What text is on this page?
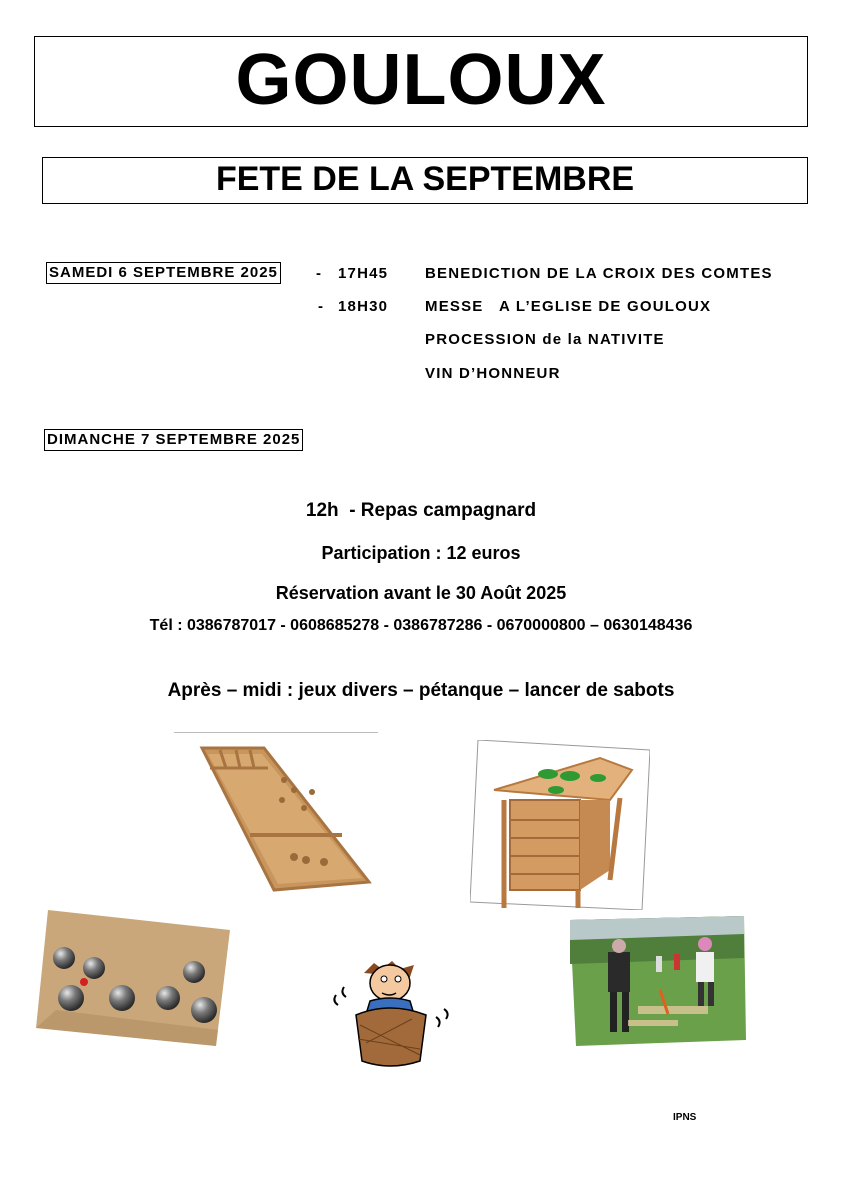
GOULOUX
FETE DE LA SEPTEMBRE
SAMEDI 6 SEPTEMBRE 2025	- 17H45 BENEDICTION DE LA CROIX DES COMTES
- 18H30 MESSE   A L’EGLISE DE GOULOUX
PROCESSION de la NATIVITE
VIN D’HONNEUR
DIMANCHE 7 SEPTEMBRE 2025
12h  - Repas campagnard
Participation : 12 euros
Réservation avant le 30 Août 2025
Tél : 0386787017 - 0608685278 - 0386787286 - 0670000800 – 0630148436
Après – midi : jeux divers – pétanque – lancer de sabots
IPNS
